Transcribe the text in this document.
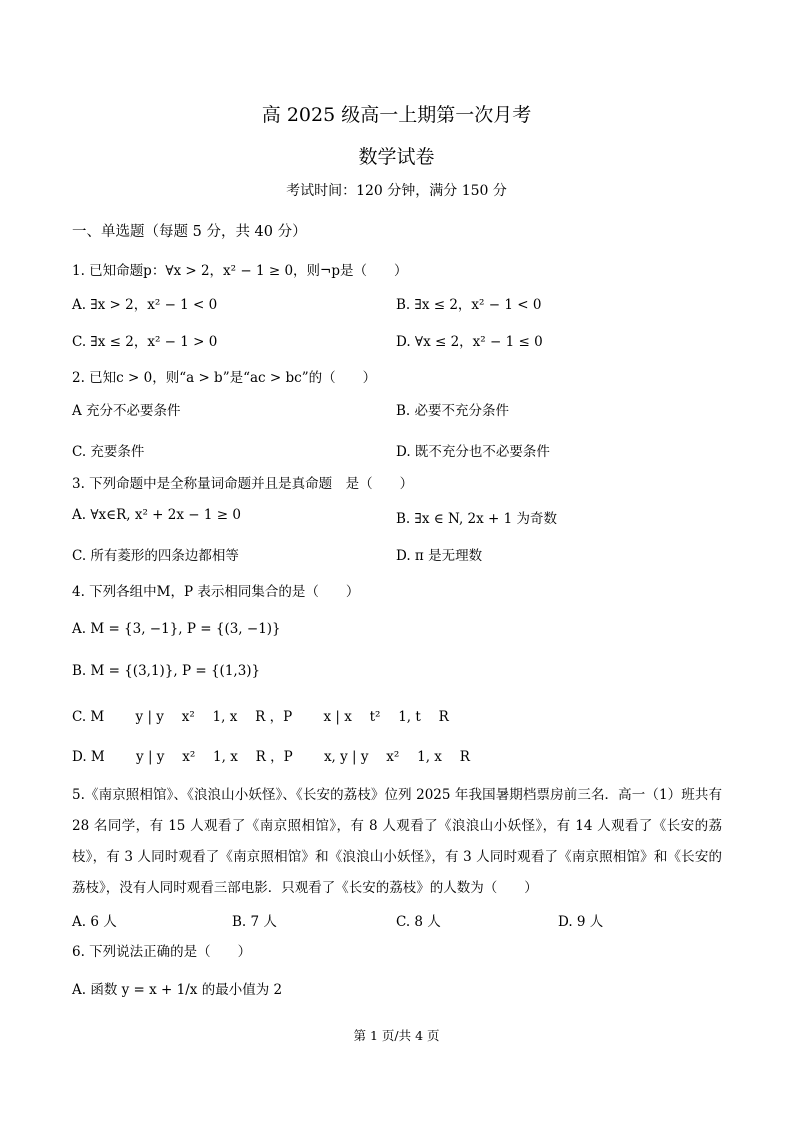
高 2025 级高一上期第一次月考
数学试卷
考试时间：120 分钟，满分 150 分
一、单选题（每题 5 分，共 40 分）
1. 已知命题p：∀x > 2，x² − 1 ≥ 0，则¬p是（　　）
A. ∃x > 2，x² − 1 < 0	B. ∃x ≤ 2，x² − 1 < 0
C. ∃x ≤ 2，x² − 1 > 0	D. ∀x ≤ 2，x² − 1 ≤ 0
2. 已知c > 0，则“a > b”是“ac > bc”的（　　）
A 充分不必要条件	B. 必要不充分条件
C. 充要条件	D. 既不充分也不必要条件
3. 下列命题中是全称量词命题并且是真命题　是（　　）
A. ∀x∈R, x² + 2x − 1 ≥ 0	B. ∃x ∈ N, 2x + 1 为奇数
C. 所有菱形的四条边都相等	D. π 是无理数
4. 下列各组中M，P 表示相同集合的是（　　）
A. M = {3, −1}, P = {(3, −1)}
B. M = {(3,1)}, P = {(1,3)}
C. M　　 y | y　 x²　 1, x　 R ，P　　 x | x　 t²　 1, t　 R
D. M　　 y | y　 x²　 1, x　 R ，P　　 x, y | y　 x²　 1, x　 R
5.《南京照相馆》、《浪浪山小妖怪》、《长安的荔枝》位列 2025 年我国暑期档票房前三名．高一（1）班共有 28 名同学，有 15 人观看了《南京照相馆》，有 8 人观看了《浪浪山小妖怪》，有 14 人观看了《长安的荔枝》，有 3 人同时观看了《南京照相馆》和《浪浪山小妖怪》，有 3 人同时观看了《南京照相馆》和《长安的荔枝》，没有人同时观看三部电影．只观看了《长安的荔枝》的人数为（　　）
A. 6 人	B. 7 人	C. 8 人	D. 9 人
6. 下列说法正确的是（　　）
A. 函数 y = x + 1/x 的最小值为 2
第 1 页/共 4 页
